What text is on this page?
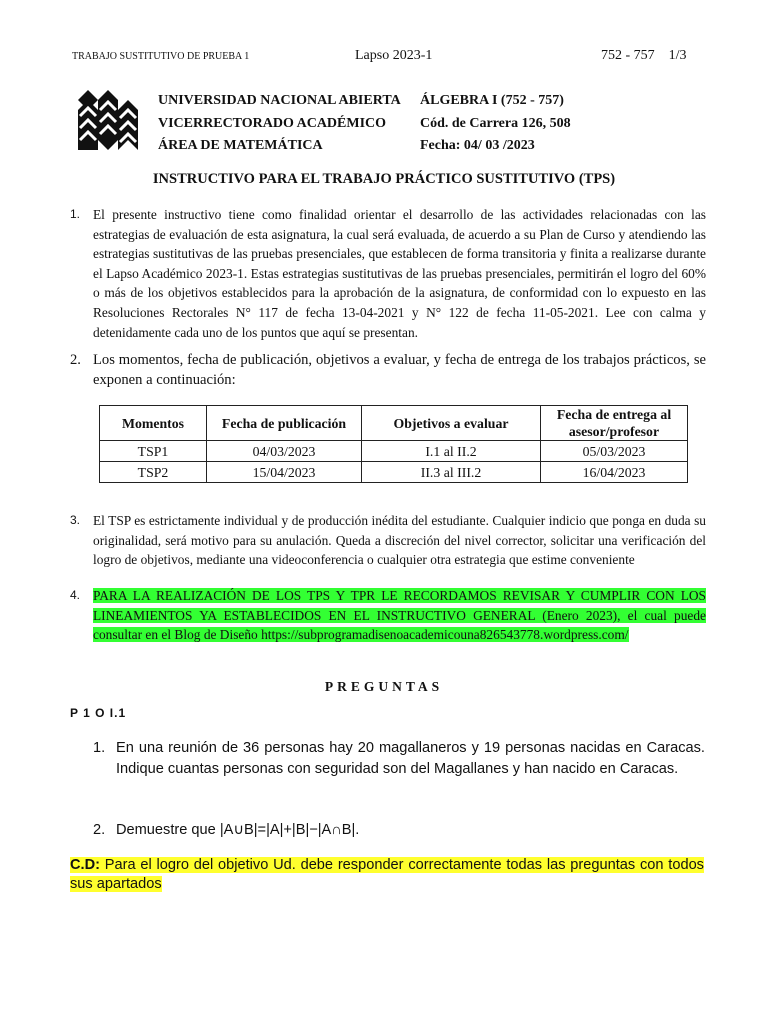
TRABAJO SUSTITUTIVO DE PRUEBA 1	Lapso 2023-1	752 - 757 1/3
UNIVERSIDAD NACIONAL ABIERTA
VICERRECTORADO ACADÉMICO
ÁREA DE MATEMÁTICA
ÁLGEBRA I (752 - 757)
Cód. de Carrera 126, 508
Fecha: 04/ 03 /2023
INSTRUCTIVO PARA EL TRABAJO PRÁCTICO SUSTITUTIVO (TPS)
1. El presente instructivo tiene como finalidad orientar el desarrollo de las actividades relacionadas con las estrategias de evaluación de esta asignatura, la cual será evaluada, de acuerdo a su Plan de Curso y atendiendo las estrategias sustitutivas de las pruebas presenciales, que establecen de forma transitoria y finita a realizarse durante el Lapso Académico 2023-1. Estas estrategias sustitutivas de las pruebas presenciales, permitirán el logro del 60% o más de los objetivos establecidos para la aprobación de la asignatura, de conformidad con lo expuesto en las Resoluciones Rectorales N° 117 de fecha 13-04-2021 y N° 122 de fecha 11-05-2021. Lee con calma y detenidamente cada uno de los puntos que aquí se presentan.
2. Los momentos, fecha de publicación, objetivos a evaluar, y fecha de entrega de los trabajos prácticos, se exponen a continuación:
Momentos	Fecha de publicación	Objetivos a evaluar	Fecha de entrega al asesor/profesor
TSP1	04/03/2023	I.1 al II.2	05/03/2023
TSP2	15/04/2023	II.3 al III.2	16/04/2023
3. El TSP es estrictamente individual y de producción inédita del estudiante. Cualquier indicio que ponga en duda su originalidad, será motivo para su anulación. Queda a discreción del nivel corrector, solicitar una verificación del logro de objetivos, mediante una videoconferencia o cualquier otra estrategia que estime conveniente
4. PARA LA REALIZACIÓN DE LOS TPS Y TPR LE RECORDAMOS REVISAR Y CUMPLIR CON LOS LINEAMIENTOS YA ESTABLECIDOS EN EL INSTRUCTIVO GENERAL (Enero 2023), el cual puede consultar en el Blog de Diseño https://subprogramadisenoacademicouna826543778.wordpress.com/
PREGUNTAS
P 1 O I.1
1. En una reunión de 36 personas hay 20 magallaneros y 19 personas nacidas en Caracas. Indique cuantas personas con seguridad son del Magallanes y han nacido en Caracas.
2. Demuestre que |A∪B|=|A|+|B|−|A∩B|.
C.D: Para el logro del objetivo Ud. debe responder correctamente todas las preguntas con todos sus apartados
